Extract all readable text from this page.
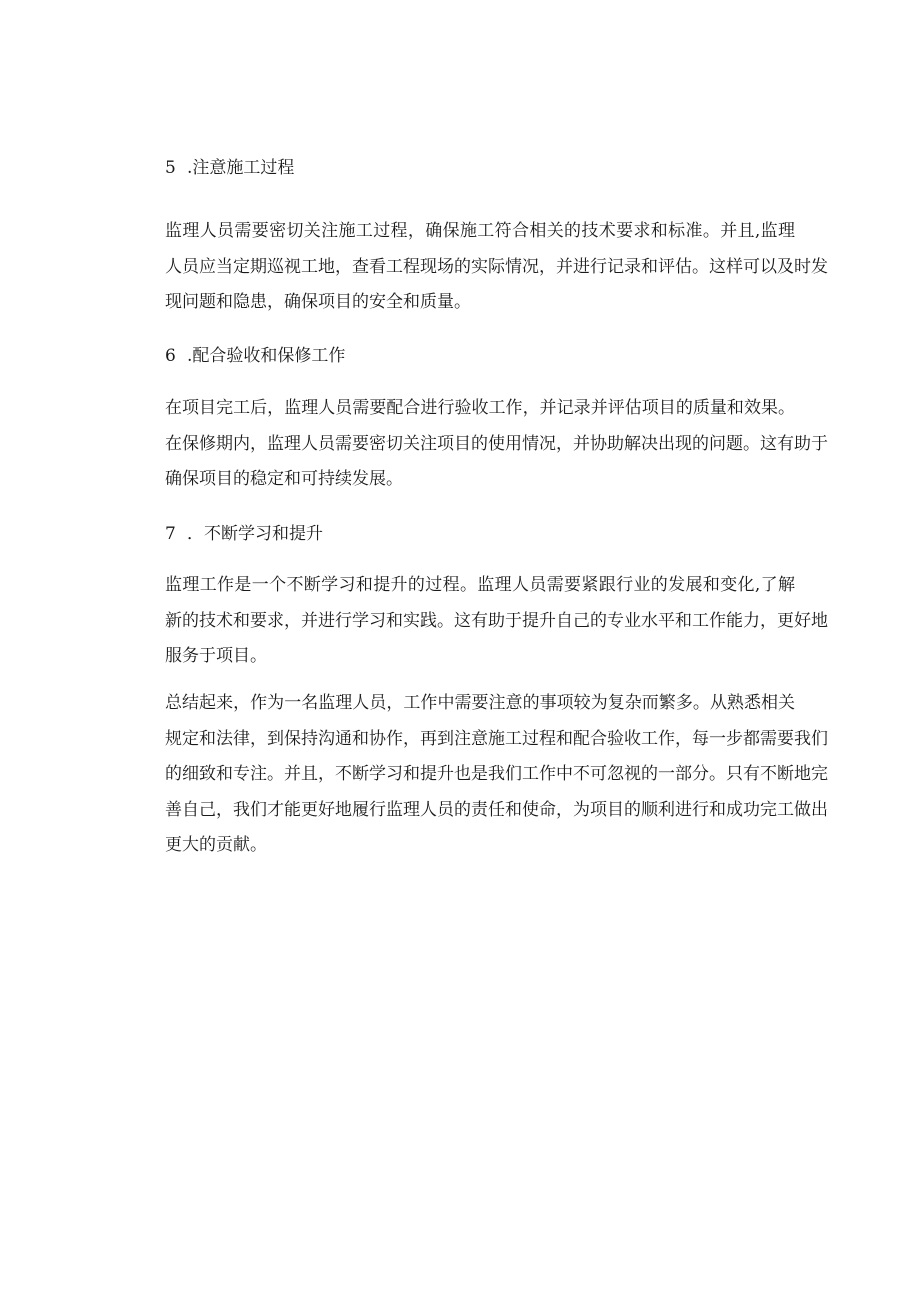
5 .注意施工过程
监理人员需要密切关注施工过程，确保施工符合相关的技术要求和标准。并且,监理
人员应当定期巡视工地，查看工程现场的实际情况，并进行记录和评估。这样可以及时发
现问题和隐患，确保项目的安全和质量。
6 .配合验收和保修工作
在项目完工后，监理人员需要配合进行验收工作，并记录并评估项目的质量和效果。
在保修期内，监理人员需要密切关注项目的使用情况，并协助解决出现的问题。这有助于
确保项目的稳定和可持续发展。
7 ．不断学习和提升
监理工作是一个不断学习和提升的过程。监理人员需要紧跟行业的发展和变化,了解
新的技术和要求，并进行学习和实践。这有助于提升自己的专业水平和工作能力，更好地
服务于项目。
总结起来，作为一名监理人员，工作中需要注意的事项较为复杂而繁多。从熟悉相关
规定和法律，到保持沟通和协作，再到注意施工过程和配合验收工作，每一步都需要我们
的细致和专注。并且，不断学习和提升也是我们工作中不可忽视的一部分。只有不断地完
善自己，我们才能更好地履行监理人员的责任和使命，为项目的顺利进行和成功完工做出
更大的贡献。
